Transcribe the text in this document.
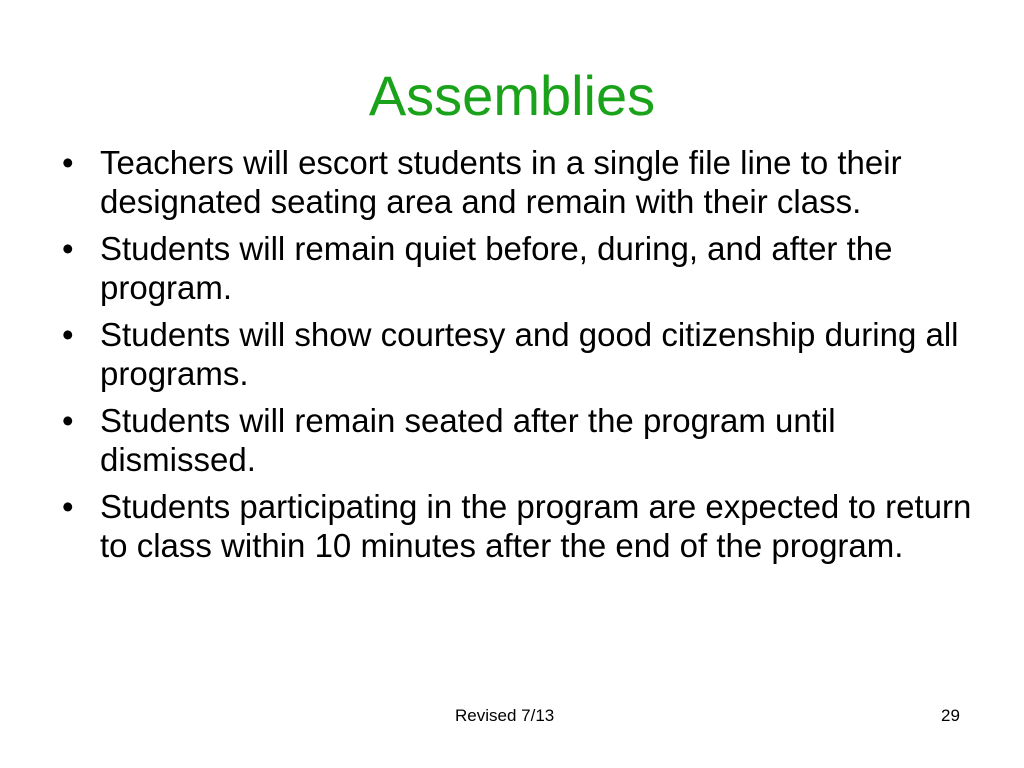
Assemblies
• Teachers will escort students in a single file line to their designated seating area and remain with their class.
• Students will remain quiet before, during, and after the program.
• Students will show courtesy and good citizenship during all programs.
• Students will remain seated after the program until dismissed.
• Students participating in the program are expected to return to class within 10 minutes after the end of the program.
Revised 7/13	29
